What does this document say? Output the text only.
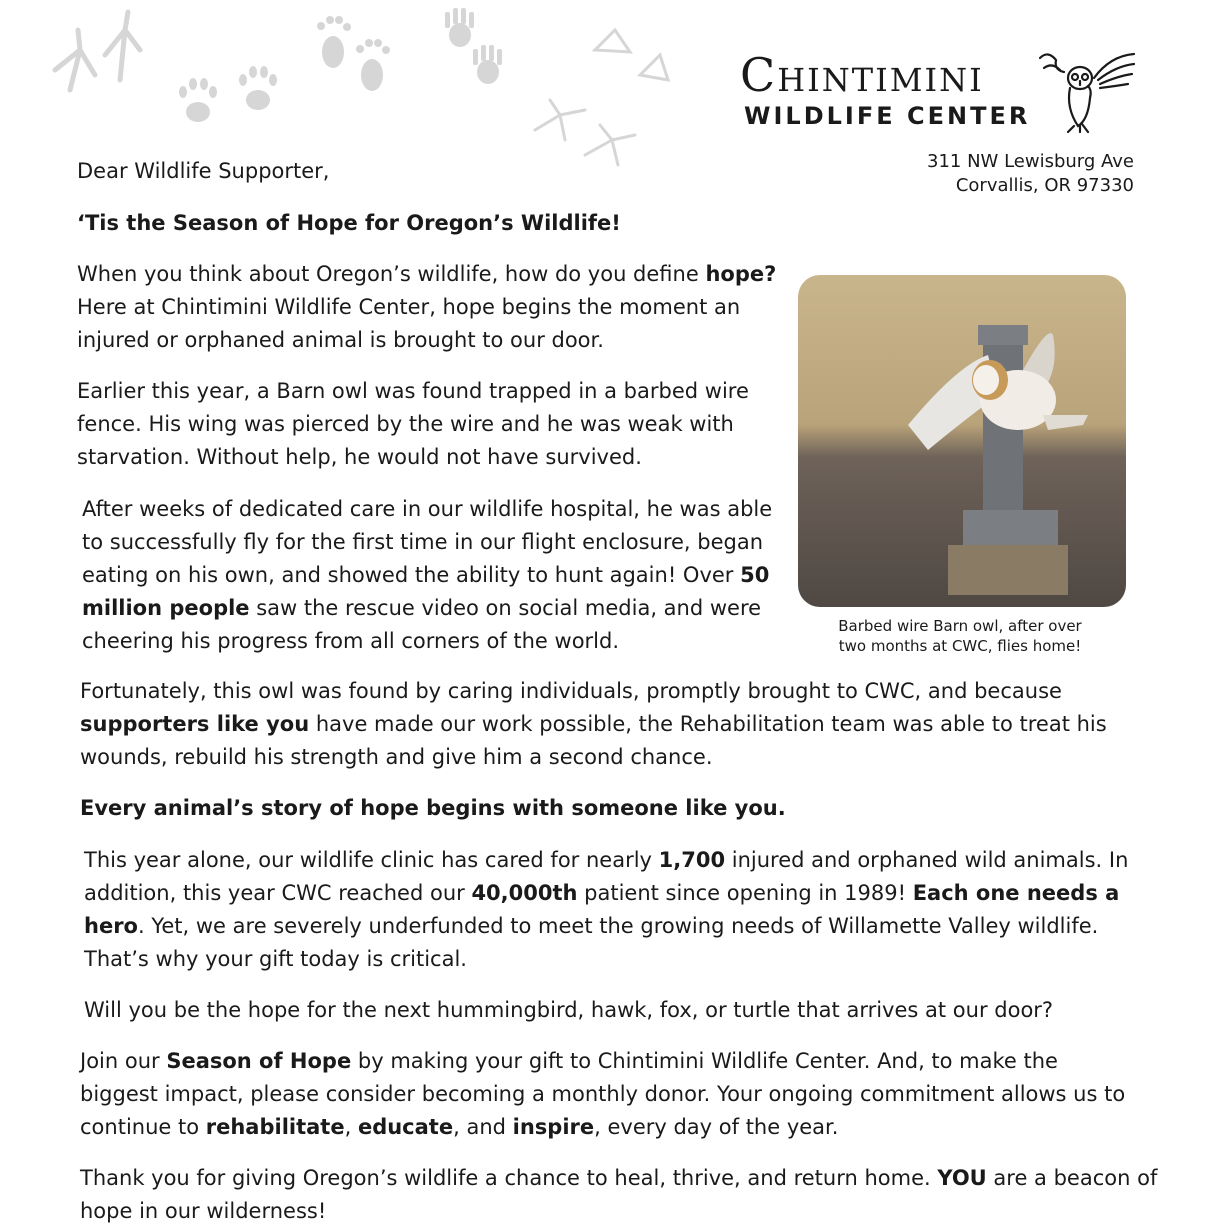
Chintimini
WILDLIFE CENTER
311 NW Lewisburg Ave
Corvallis, OR 97330

Dear Wildlife Supporter,

‘Tis the Season of Hope for Oregon’s Wildlife!

When you think about Oregon’s wildlife, how do you define hope? Here at Chintimini Wildlife Center, hope begins the moment an injured or orphaned animal is brought to our door.

Earlier this year, a Barn owl was found trapped in a barbed wire fence. His wing was pierced by the wire and he was weak with starvation. Without help, he would not have survived.

After weeks of dedicated care in our wildlife hospital, he was able to successfully fly for the first time in our flight enclosure, began eating on his own, and showed the ability to hunt again! Over 50 million people saw the rescue video on social media, and were cheering his progress from all corners of the world.

Barbed wire Barn owl, after over
two months at CWC, flies home!

Fortunately, this owl was found by caring individuals, promptly brought to CWC, and because supporters like you have made our work possible, the Rehabilitation team was able to treat his wounds, rebuild his strength and give him a second chance.

Every animal’s story of hope begins with someone like you.

This year alone, our wildlife clinic has cared for nearly 1,700 injured and orphaned wild animals. In addition, this year CWC reached our 40,000th patient since opening in 1989! Each one needs a hero. Yet, we are severely underfunded to meet the growing needs of Willamette Valley wildlife. That’s why your gift today is critical.

Will you be the hope for the next hummingbird, hawk, fox, or turtle that arrives at our door?

Join our Season of Hope by making your gift to Chintimini Wildlife Center. And, to make the biggest impact, please consider becoming a monthly donor. Your ongoing commitment allows us to continue to rehabilitate, educate, and inspire, every day of the year.

Thank you for giving Oregon’s wildlife a chance to heal, thrive, and return home. YOU are a beacon of hope in our wilderness!
